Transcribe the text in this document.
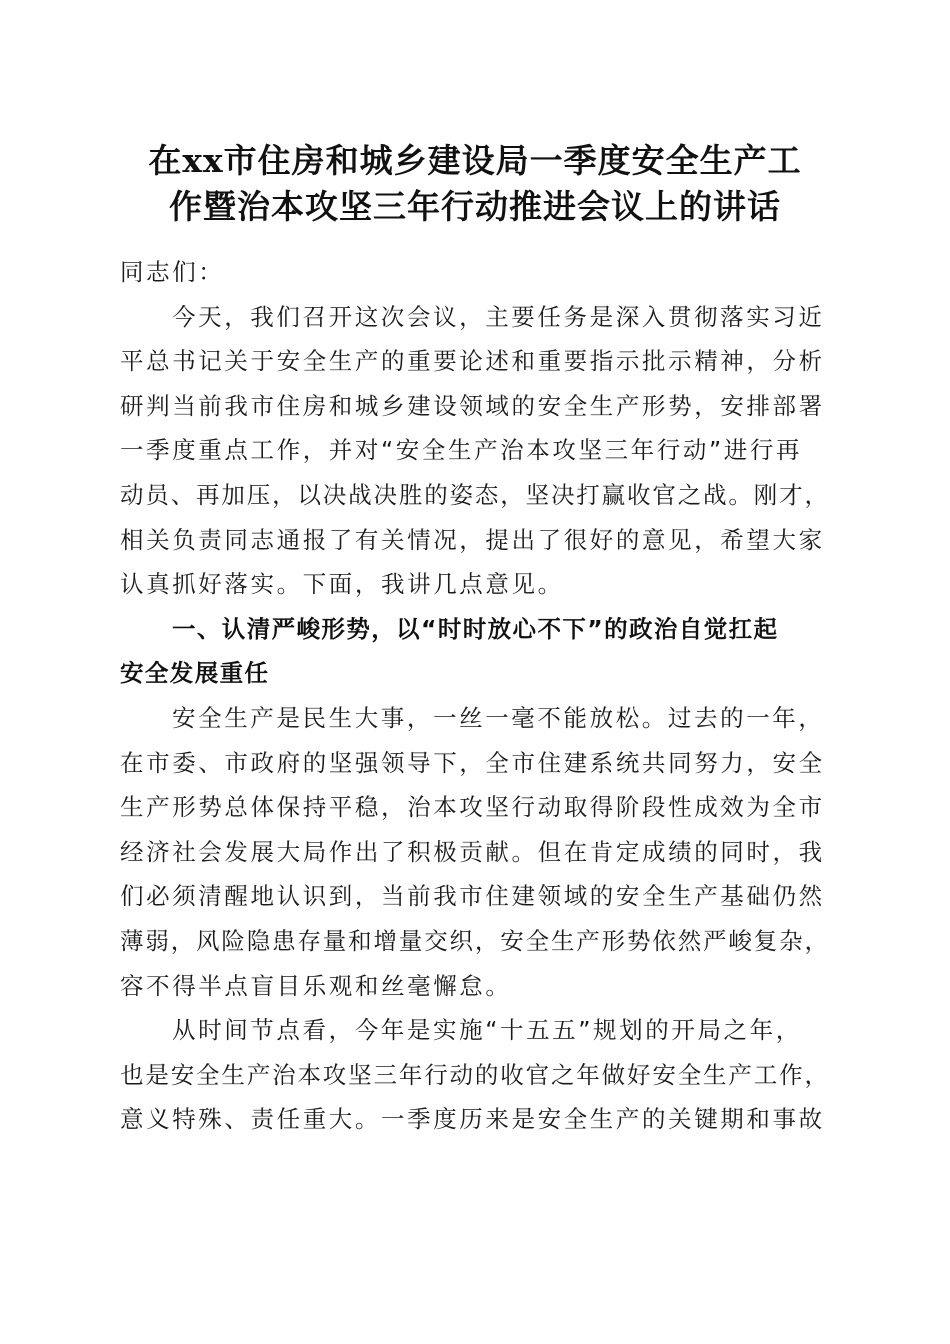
在xx市住房和城乡建设局一季度安全生产工
作暨治本攻坚三年行动推进会议上的讲话
同志们：
今天，我们召开这次会议，主要任务是深入贯彻落实习近
平总书记关于安全生产的重要论述和重要指示批示精神，分析
研判当前我市住房和城乡建设领域的安全生产形势，安排部署
一季度重点工作，并对“安全生产治本攻坚三年行动”进行再
动员、再加压，以决战决胜的姿态，坚决打赢收官之战。刚才，
相关负责同志通报了有关情况，提出了很好的意见，希望大家
认真抓好落实。下面，我讲几点意见。
一、认清严峻形势，以“时时放心不下”的政治自觉扛起
安全发展重任
安全生产是民生大事，一丝一毫不能放松。过去的一年，
在市委、市政府的坚强领导下，全市住建系统共同努力，安全
生产形势总体保持平稳，治本攻坚行动取得阶段性成效为全市
经济社会发展大局作出了积极贡献。但在肯定成绩的同时，我
们必须清醒地认识到，当前我市住建领域的安全生产基础仍然
薄弱，风险隐患存量和增量交织，安全生产形势依然严峻复杂，
容不得半点盲目乐观和丝毫懈怠。
从时间节点看，今年是实施“十五五”规划的开局之年，
也是安全生产治本攻坚三年行动的收官之年做好安全生产工作，
意义特殊、责任重大。一季度历来是安全生产的关键期和事故
